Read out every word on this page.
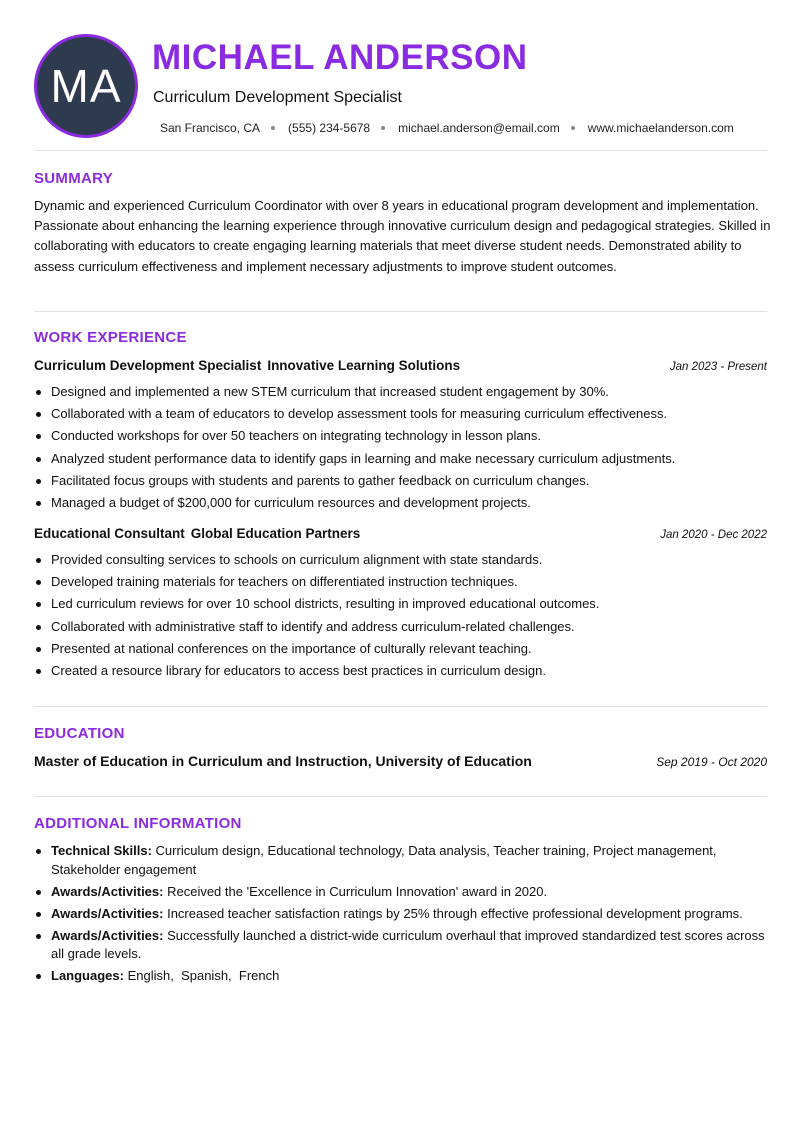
MA
MICHAEL ANDERSON
Curriculum Development Specialist
San Francisco, CA (555) 234-5678 michael.anderson@email.com www.michaelanderson.com
SUMMARY

Dynamic and experienced Curriculum Coordinator with over 8 years in educational program development and implementation. Passionate about enhancing the learning experience through innovative curriculum design and pedagogical strategies. Skilled in collaborating with educators to create engaging learning materials that meet diverse student needs. Demonstrated ability to assess curriculum effectiveness and implement necessary adjustments to improve student outcomes.

WORK EXPERIENCE
Curriculum Development Specialist Innovative Learning Solutions	Jan 2023 - Present
Designed and implemented a new STEM curriculum that increased student engagement by 30%.
Collaborated with a team of educators to develop assessment tools for measuring curriculum effectiveness.
Conducted workshops for over 50 teachers on integrating technology in lesson plans.
Analyzed student performance data to identify gaps in learning and make necessary curriculum adjustments.
Facilitated focus groups with students and parents to gather feedback on curriculum changes.
Managed a budget of $200,000 for curriculum resources and development projects.
Educational Consultant Global Education Partners	Jan 2020 - Dec 2022
Provided consulting services to schools on curriculum alignment with state standards.
Developed training materials for teachers on differentiated instruction techniques.
Led curriculum reviews for over 10 school districts, resulting in improved educational outcomes.
Collaborated with administrative staff to identify and address curriculum-related challenges.
Presented at national conferences on the importance of culturally relevant teaching.
Created a resource library for educators to access best practices in curriculum design.
EDUCATION
Master of Education in Curriculum and Instruction, University of Education	Sep 2019 - Oct 2020
ADDITIONAL INFORMATION
Technical Skills: Curriculum design, Educational technology, Data analysis, Teacher training, Project management, Stakeholder engagement
Awards/Activities: Received the 'Excellence in Curriculum Innovation' award in 2020.
Awards/Activities: Increased teacher satisfaction ratings by 25% through effective professional development programs.
Awards/Activities: Successfully launched a district-wide curriculum overhaul that improved standardized test scores across all grade levels.
Languages: English,  Spanish,  French
